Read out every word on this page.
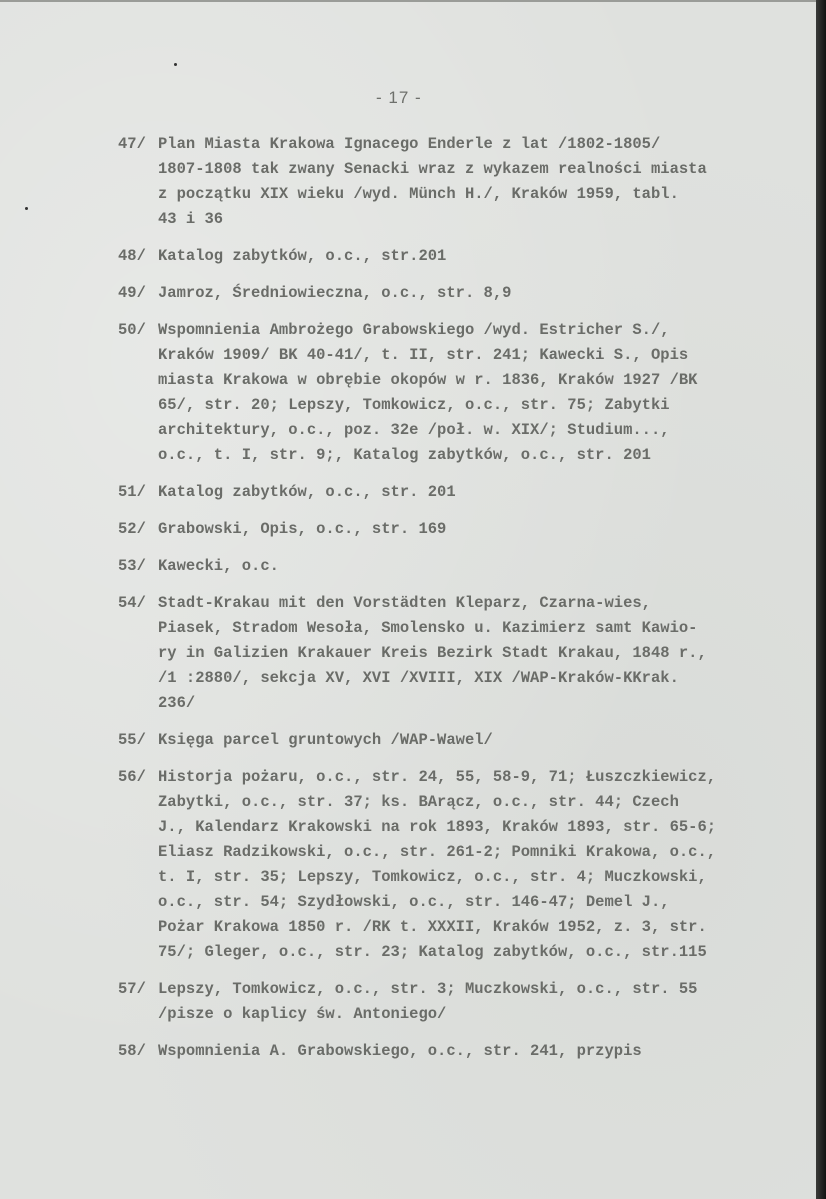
- 17 -
47/ Plan Miasta Krakowa Ignacego Enderle z lat /1802-1805/
1807-1808 tak zwany Senacki wraz z wykazem realności miasta
z początku XIX wieku /wyd. Münch H./, Kraków 1959, tabl.
43 i 36
48/ Katalog zabytków, o.c., str.201
49/ Jamroz, Średniowieczna, o.c., str. 8,9
50/ Wspomnienia Ambrożego Grabowskiego /wyd. Estricher S./,
Kraków 1909/ BK 40-41/, t. II, str. 241; Kawecki S., Opis
miasta Krakowa w obrębie okopów w r. 1836, Kraków 1927 /BK
65/, str. 20; Lepszy, Tomkowicz, o.c., str. 75; Zabytki
architektury, o.c., poz. 32e /poł. w. XIX/; Studium...,
o.c., t. I, str. 9;, Katalog zabytków, o.c., str. 201
51/ Katalog zabytków, o.c., str. 201
52/ Grabowski, Opis, o.c., str. 169
53/ Kawecki, o.c.
54/ Stadt-Krakau mit den Vorstädten Kleparz, Czarna-wies,
Piasek, Stradom Wesoła, Smolensko u. Kazimierz samt Kawio-
ry in Galizien Krakauer Kreis Bezirk Stadt Krakau, 1848 r.,
/1 :2880/, sekcja XV, XVI /XVIII, XIX /WAP-Kraków-KKrak.
236/
55/ Księga parcel gruntowych /WAP-Wawel/
56/ Historja pożaru, o.c., str. 24, 55, 58-9, 71; Łuszczkiewicz,
Zabytki, o.c., str. 37; ks. BArącz, o.c., str. 44; Czech
J., Kalendarz Krakowski na rok 1893, Kraków 1893, str. 65-6;
Eliasz Radzikowski, o.c., str. 261-2; Pomniki Krakowa, o.c.,
t. I, str. 35; Lepszy, Tomkowicz, o.c., str. 4; Muczkowski,
o.c., str. 54; Szydłowski, o.c., str. 146-47; Demel J.,
Pożar Krakowa 1850 r. /RK t. XXXII, Kraków 1952, z. 3, str.
75/; Gleger, o.c., str. 23; Katalog zabytków, o.c., str.115
57/ Lepszy, Tomkowicz, o.c., str. 3; Muczkowski, o.c., str. 55
/pisze o kaplicy św. Antoniego/
58/ Wspomnienia A. Grabowskiego, o.c., str. 241, przypis
